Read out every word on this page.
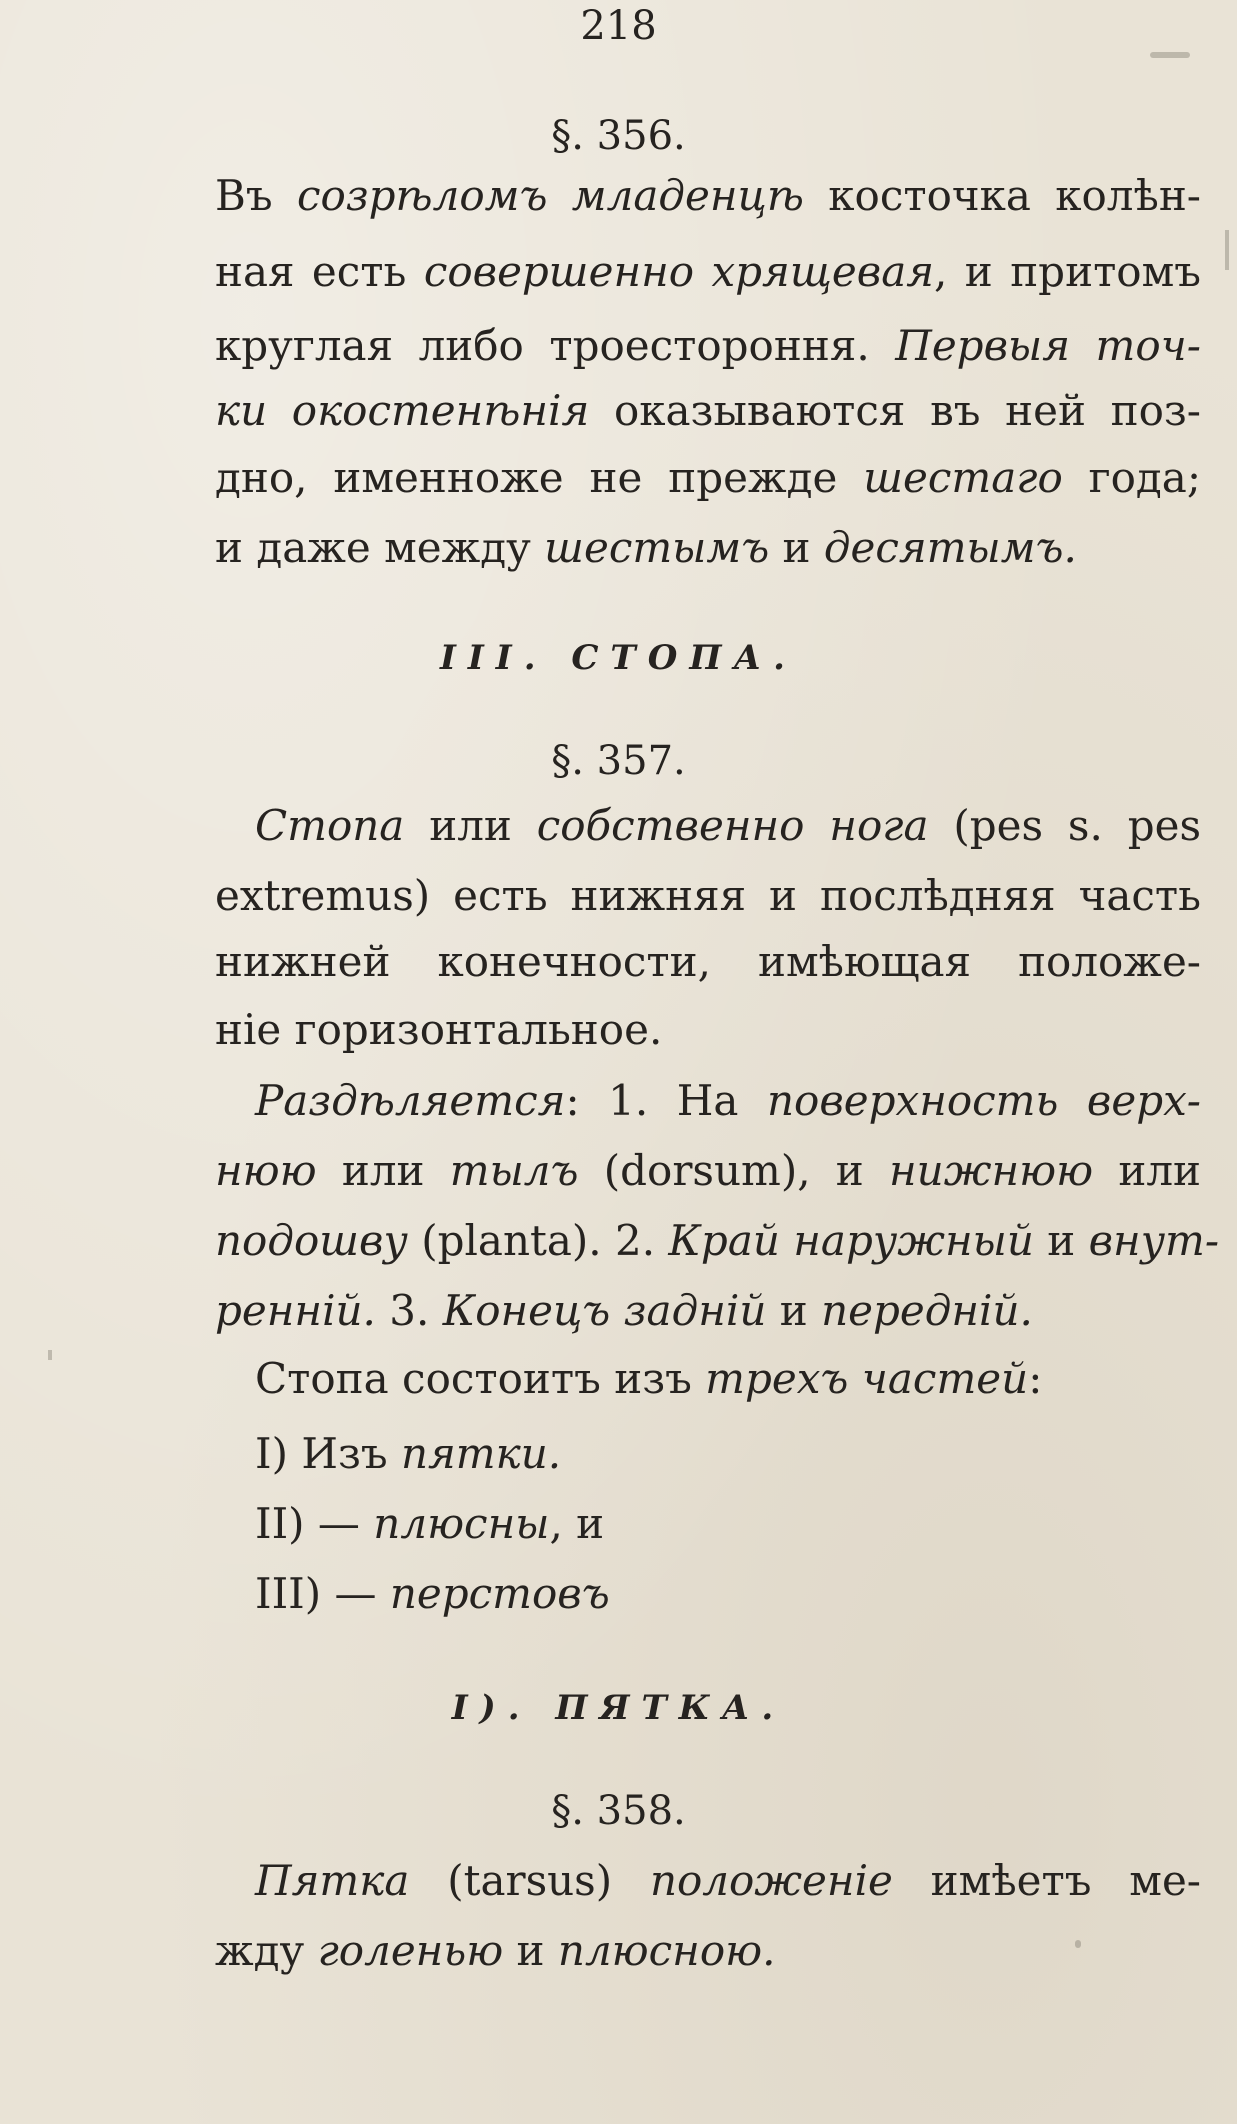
218
§. 356.
Въ созрѣломъ младенцѣ косточка колѣн-
ная есть совершенно хрящевая, и притомъ
круглая либо троестороння. Первыя точ-
ки окостенѣнія оказываются въ ней поз-
дно, именноже не прежде шестаго года;
и даже между шестымъ и десятымъ.
III. СТОПА.
§. 357.
Стопа или собственно нога (pes s. pes
extremus) есть нижняя и послѣдняя часть
нижней конечности, имѣющая положе-
ніе горизонтальное.
Раздѣляется: 1. На поверхность верх-
нюю или тылъ (dorsum), и нижнюю или
подошву (planta). 2. Край наружный и внут-
ренній. 3. Конецъ задній и передній.
Стопа состоитъ изъ трехъ частей:
I) Изъ пятки.
II) — плюсны, и
III) — перстовъ
I). ПЯТКА.
§. 358.
Пятка (tarsus) положеніе имѣетъ ме-
жду голенью и плюсною.
